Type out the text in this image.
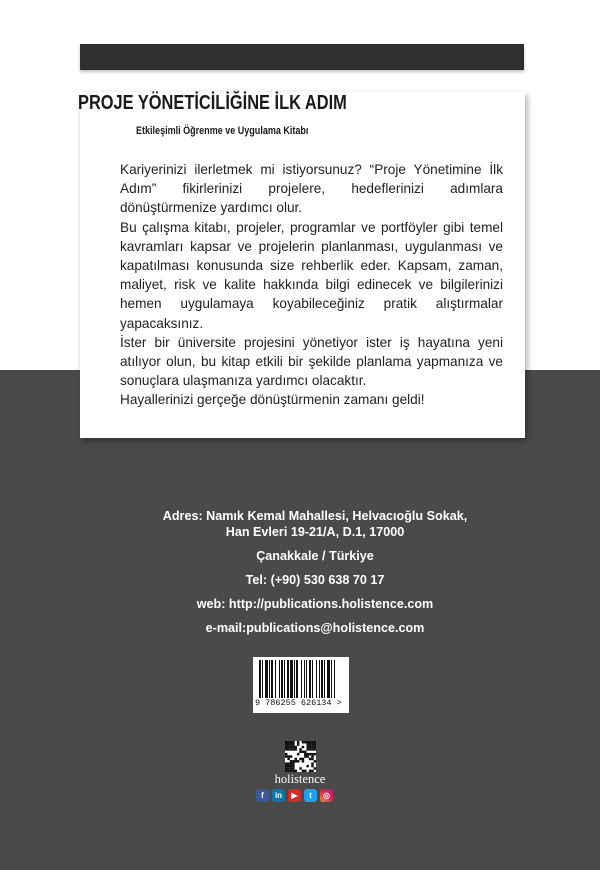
PROJE YÖNETİCİLİĞİNE İLK ADIM
Etkileşimli Öğrenme ve Uygulama Kitabı

Kariyerinizi ilerletmek mi istiyorsunuz? “Proje Yönetimine İlk Adım” fikirlerinizi projelere, hedeflerinizi adımlara dönüştürmenize yardımcı olur.

Bu çalışma kitabı, projeler, programlar ve portföyler gibi temel kavramları kapsar ve projelerin planlanması, uygulanması ve kapatılması konusunda size rehberlik eder. Kapsam, zaman, maliyet, risk ve kalite hakkında bilgi edinecek ve bilgilerinizi hemen uygulamaya koyabileceğiniz pratik alıştırmalar yapacaksınız.

İster bir üniversite projesini yönetiyor ister iş hayatına yeni atılıyor olun, bu kitap etkili bir şekilde planlama yapmanıza ve sonuçlara ulaşmanıza yardımcı olacaktır.

Hayallerinizi gerçeğe dönüştürmenin zamanı geldi!

Adres: Namık Kemal Mahallesi, Helvacıoğlu Sokak,
Han Evleri 19-21/A, D.1, 17000
Çanakkale / Türkiye
Tel: (+90) 530 638 70 17
web: http://publications.holistence.com
e-mail:publications@holistence.com
9 786255 626134 >
holistence
f	in	▶	t	◎
